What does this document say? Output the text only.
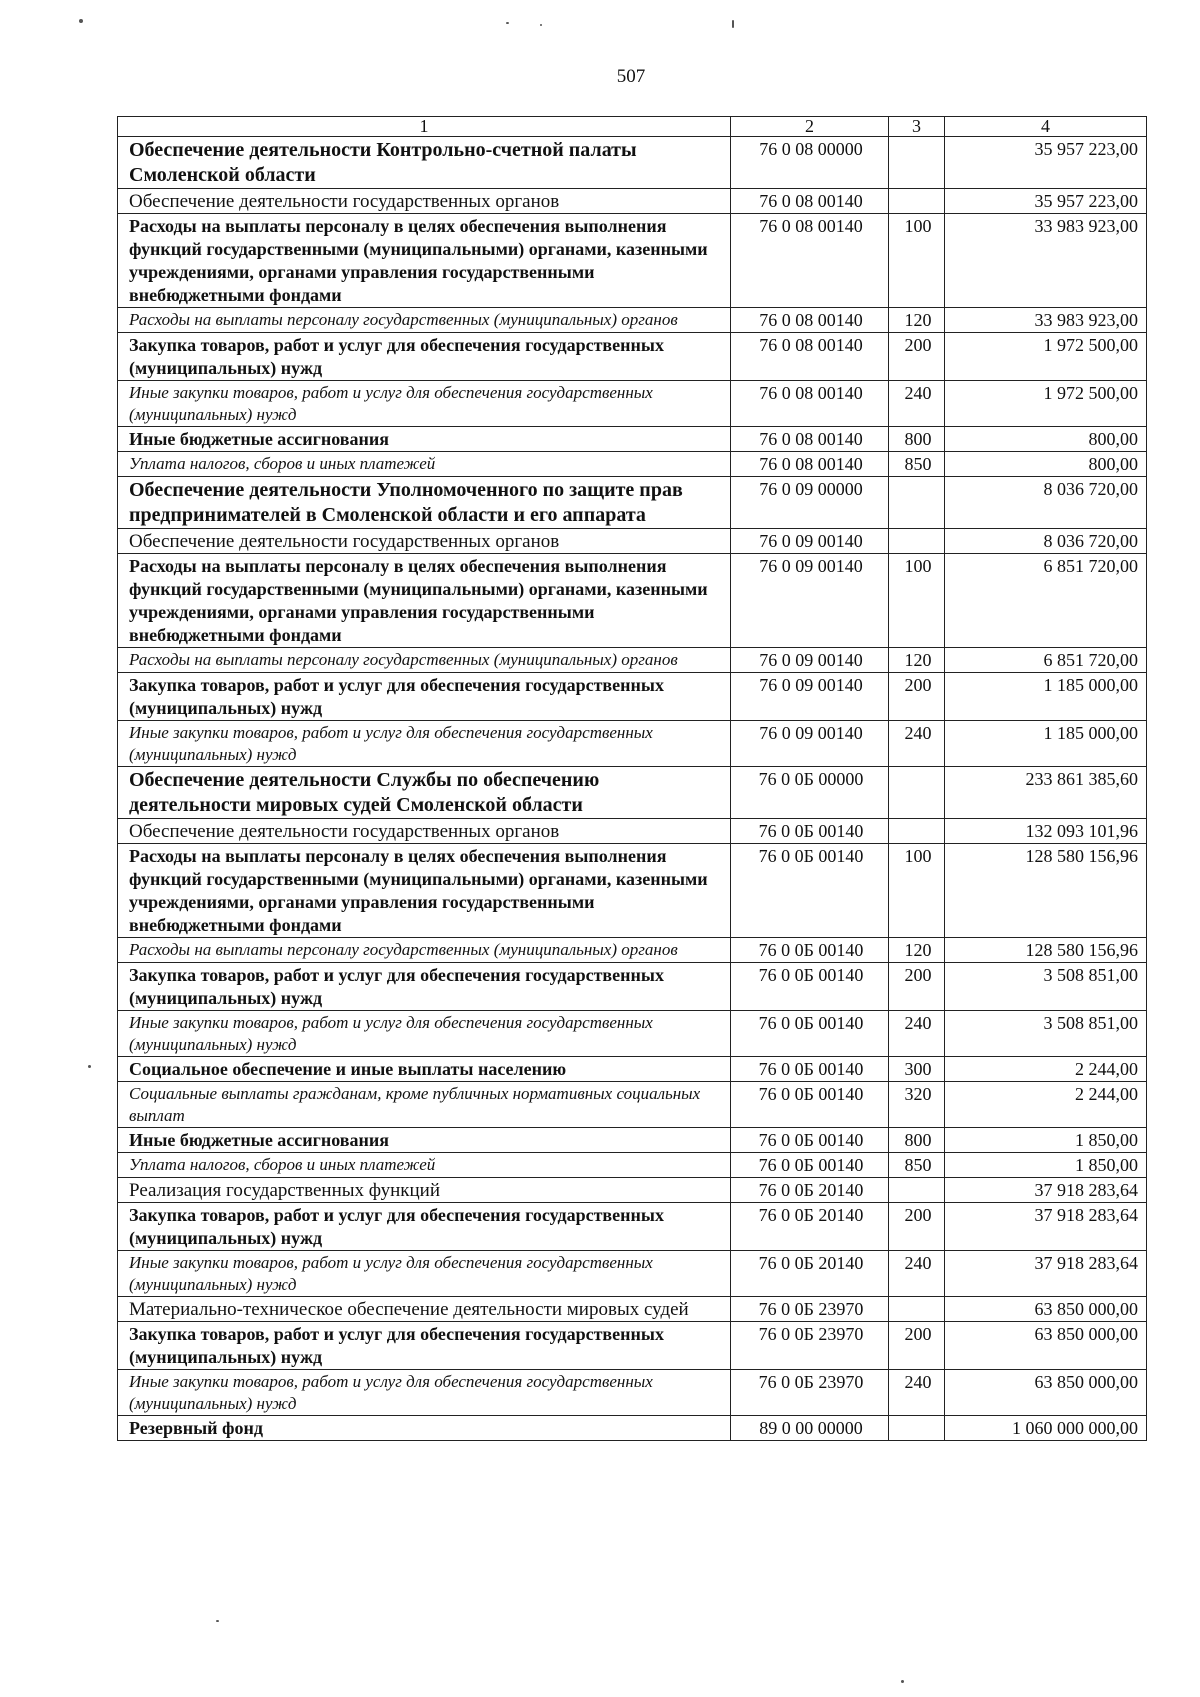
507
1	2	3	4
Обеспечение деятельности Контрольно-счетной палаты Смоленской области	76 0 08 00000		35 957 223,00
Обеспечение деятельности государственных органов	76 0 08 00140		35 957 223,00
Расходы на выплаты персоналу в целях обеспечения выполнения функций государственными (муниципальными) органами, казенными учреждениями, органами управления государственными внебюджетными фондами	76 0 08 00140	100	33 983 923,00
Расходы на выплаты персоналу государственных (муниципальных) органов	76 0 08 00140	120	33 983 923,00
Закупка товаров, работ и услуг для обеспечения государственных (муниципальных) нужд	76 0 08 00140	200	1 972 500,00
Иные закупки товаров, работ и услуг для обеспечения государственных (муниципальных) нужд	76 0 08 00140	240	1 972 500,00
Иные бюджетные ассигнования	76 0 08 00140	800	800,00
Уплата налогов, сборов и иных платежей	76 0 08 00140	850	800,00
Обеспечение деятельности Уполномоченного по защите прав предпринимателей в Смоленской области и его аппарата	76 0 09 00000		8 036 720,00
Обеспечение деятельности государственных органов	76 0 09 00140		8 036 720,00
Расходы на выплаты персоналу в целях обеспечения выполнения функций государственными (муниципальными) органами, казенными учреждениями, органами управления государственными внебюджетными фондами	76 0 09 00140	100	6 851 720,00
Расходы на выплаты персоналу государственных (муниципальных) органов	76 0 09 00140	120	6 851 720,00
Закупка товаров, работ и услуг для обеспечения государственных (муниципальных) нужд	76 0 09 00140	200	1 185 000,00
Иные закупки товаров, работ и услуг для обеспечения государственных (муниципальных) нужд	76 0 09 00140	240	1 185 000,00
Обеспечение деятельности Службы по обеспечению деятельности мировых судей Смоленской области	76 0 0Б 00000		233 861 385,60
Обеспечение деятельности государственных органов	76 0 0Б 00140		132 093 101,96
Расходы на выплаты персоналу в целях обеспечения выполнения функций государственными (муниципальными) органами, казенными учреждениями, органами управления государственными внебюджетными фондами	76 0 0Б 00140	100	128 580 156,96
Расходы на выплаты персоналу государственных (муниципальных) органов	76 0 0Б 00140	120	128 580 156,96
Закупка товаров, работ и услуг для обеспечения государственных (муниципальных) нужд	76 0 0Б 00140	200	3 508 851,00
Иные закупки товаров, работ и услуг для обеспечения государственных (муниципальных) нужд	76 0 0Б 00140	240	3 508 851,00
Социальное обеспечение и иные выплаты населению	76 0 0Б 00140	300	2 244,00
Социальные выплаты гражданам, кроме публичных нормативных социальных выплат	76 0 0Б 00140	320	2 244,00
Иные бюджетные ассигнования	76 0 0Б 00140	800	1 850,00
Уплата налогов, сборов и иных платежей	76 0 0Б 00140	850	1 850,00
Реализация государственных функций	76 0 0Б 20140		37 918 283,64
Закупка товаров, работ и услуг для обеспечения государственных (муниципальных) нужд	76 0 0Б 20140	200	37 918 283,64
Иные закупки товаров, работ и услуг для обеспечения государственных (муниципальных) нужд	76 0 0Б 20140	240	37 918 283,64
Материально-техническое обеспечение деятельности мировых судей	76 0 0Б 23970		63 850 000,00
Закупка товаров, работ и услуг для обеспечения государственных (муниципальных) нужд	76 0 0Б 23970	200	63 850 000,00
Иные закупки товаров, работ и услуг для обеспечения государственных (муниципальных) нужд	76 0 0Б 23970	240	63 850 000,00
Резервный фонд	89 0 00 00000		1 060 000 000,00
